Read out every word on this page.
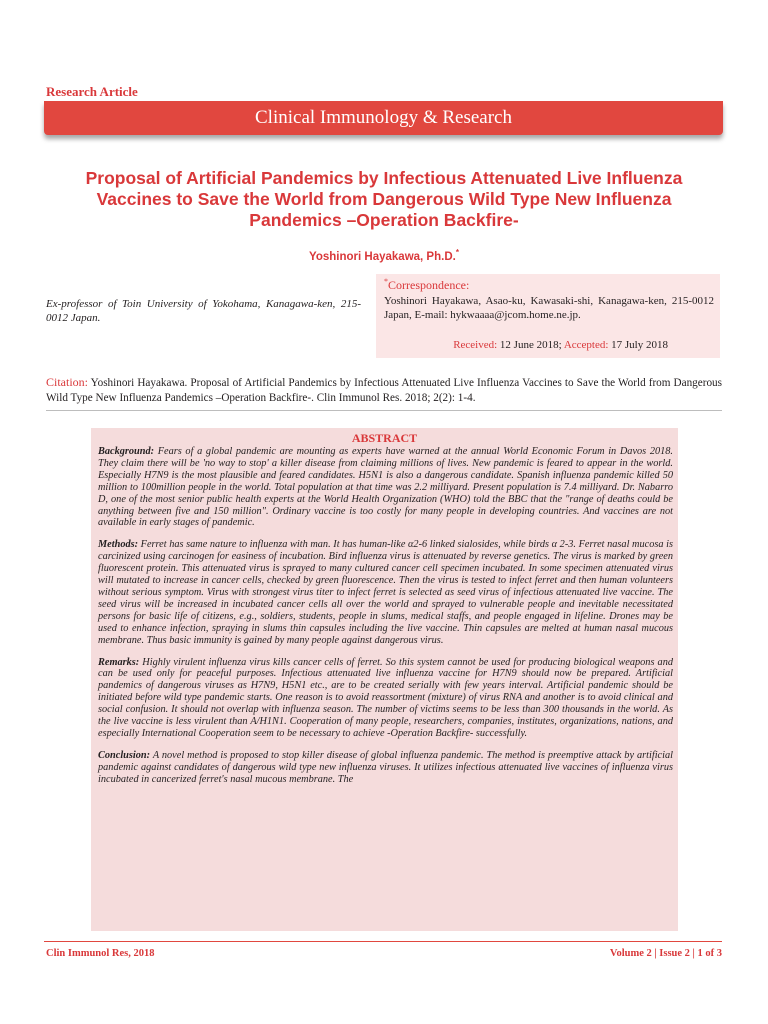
Research Article
Clinical Immunology & Research
Proposal of Artificial Pandemics by Infectious Attenuated Live Influenza
Vaccines to Save the World from Dangerous Wild Type New Influenza
Pandemics –Operation Backfire-
Yoshinori Hayakawa, Ph.D.*
Ex-professor of Toin University of Yokohama, Kanagawa-ken, 215-0012 Japan.
*Correspondence:
Yoshinori Hayakawa, Asao-ku, Kawasaki-shi, Kanagawa-ken, 215-0012 Japan, E-mail: hykwaaaa@jcom.home.ne.jp.
Received: 12 June 2018; Accepted: 17 July 2018
Citation: Yoshinori Hayakawa. Proposal of Artificial Pandemics by Infectious Attenuated Live Influenza Vaccines to Save the World from Dangerous Wild Type New Influenza Pandemics –Operation Backfire-. Clin Immunol Res. 2018; 2(2): 1-4.
ABSTRACT

Background: Fears of a global pandemic are mounting as experts have warned at the annual World Economic Forum in Davos 2018. They claim there will be 'no way to stop' a killer disease from claiming millions of lives. New pandemic is feared to appear in the world. Especially H7N9 is the most plausible and feared candidates. H5N1 is also a dangerous candidate. Spanish influenza pandemic killed 50 million to 100million people in the world. Total population at that time was 2.2 milliyard. Present population is 7.4 milliyard. Dr. Nabarro D, one of the most senior public health experts at the World Health Organization (WHO) told the BBC that the "range of deaths could be anything between five and 150 million". Ordinary vaccine is too costly for many people in developing countries. And vaccines are not available in early stages of pandemic.

Methods: Ferret has same nature to influenza with man. It has human-like α2-6 linked sialosides, while birds α 2-3. Ferret nasal mucosa is carcinized using carcinogen for easiness of incubation. Bird influenza virus is attenuated by reverse genetics. The virus is marked by green fluorescent protein. This attenuated virus is sprayed to many cultured cancer cell specimen incubated. In some specimen attenuated virus will mutated to increase in cancer cells, checked by green fluorescence. Then the virus is tested to infect ferret and then human volunteers without serious symptom. Virus with strongest virus titer to infect ferret is selected as seed virus of infectious attenuated live vaccine. The seed virus will be increased in incubated cancer cells all over the world and sprayed to vulnerable people and inevitable necessitated persons for basic life of citizens, e.g., soldiers, students, people in slums, medical staffs, and people engaged in lifeline. Drones may be used to enhance infection, spraying in slums thin capsules including the live vaccine. Thin capsules are melted at human nasal mucous membrane. Thus basic immunity is gained by many people against dangerous virus.

Remarks: Highly virulent influenza virus kills cancer cells of ferret. So this system cannot be used for producing biological weapons and can be used only for peaceful purposes. Infectious attenuated live influenza vaccine for H7N9 should now be prepared. Artificial pandemics of dangerous viruses as H7N9, H5N1 etc., are to be created serially with few years interval. Artificial pandemic should be initiated before wild type pandemic starts. One reason is to avoid reassortment (mixture) of virus RNA and another is to avoid clinical and social confusion. It should not overlap with influenza season. The number of victims seems to be less than 300 thousands in the world. As the live vaccine is less virulent than A/H1N1. Cooperation of many people, researchers, companies, institutes, organizations, nations, and especially International Cooperation seem to be necessary to achieve -Operation Backfire- successfully.

Conclusion: A novel method is proposed to stop killer disease of global influenza pandemic. The method is preemptive attack by artificial pandemic against candidates of dangerous wild type new influenza viruses. It utilizes infectious attenuated live vaccines of influenza virus incubated in cancerized ferret's nasal mucous membrane. The

Clin Immunol Res, 2018	Volume 2 | Issue 2 | 1 of 3
